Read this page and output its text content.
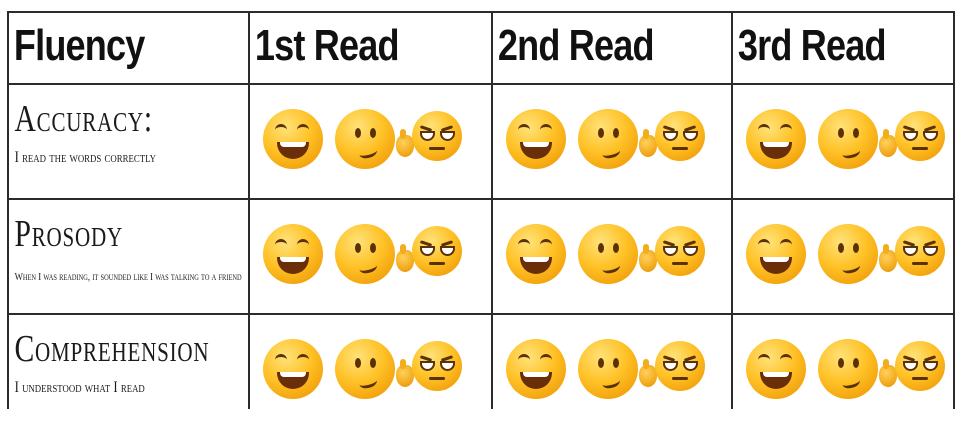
Fluency	1st Read	2nd Read	3rd Read

Accuracy:
I read the words correctly			

Prosody
When I was reading, it sounded like I was talking to a friend			

Comprehension
I understood what I read			
